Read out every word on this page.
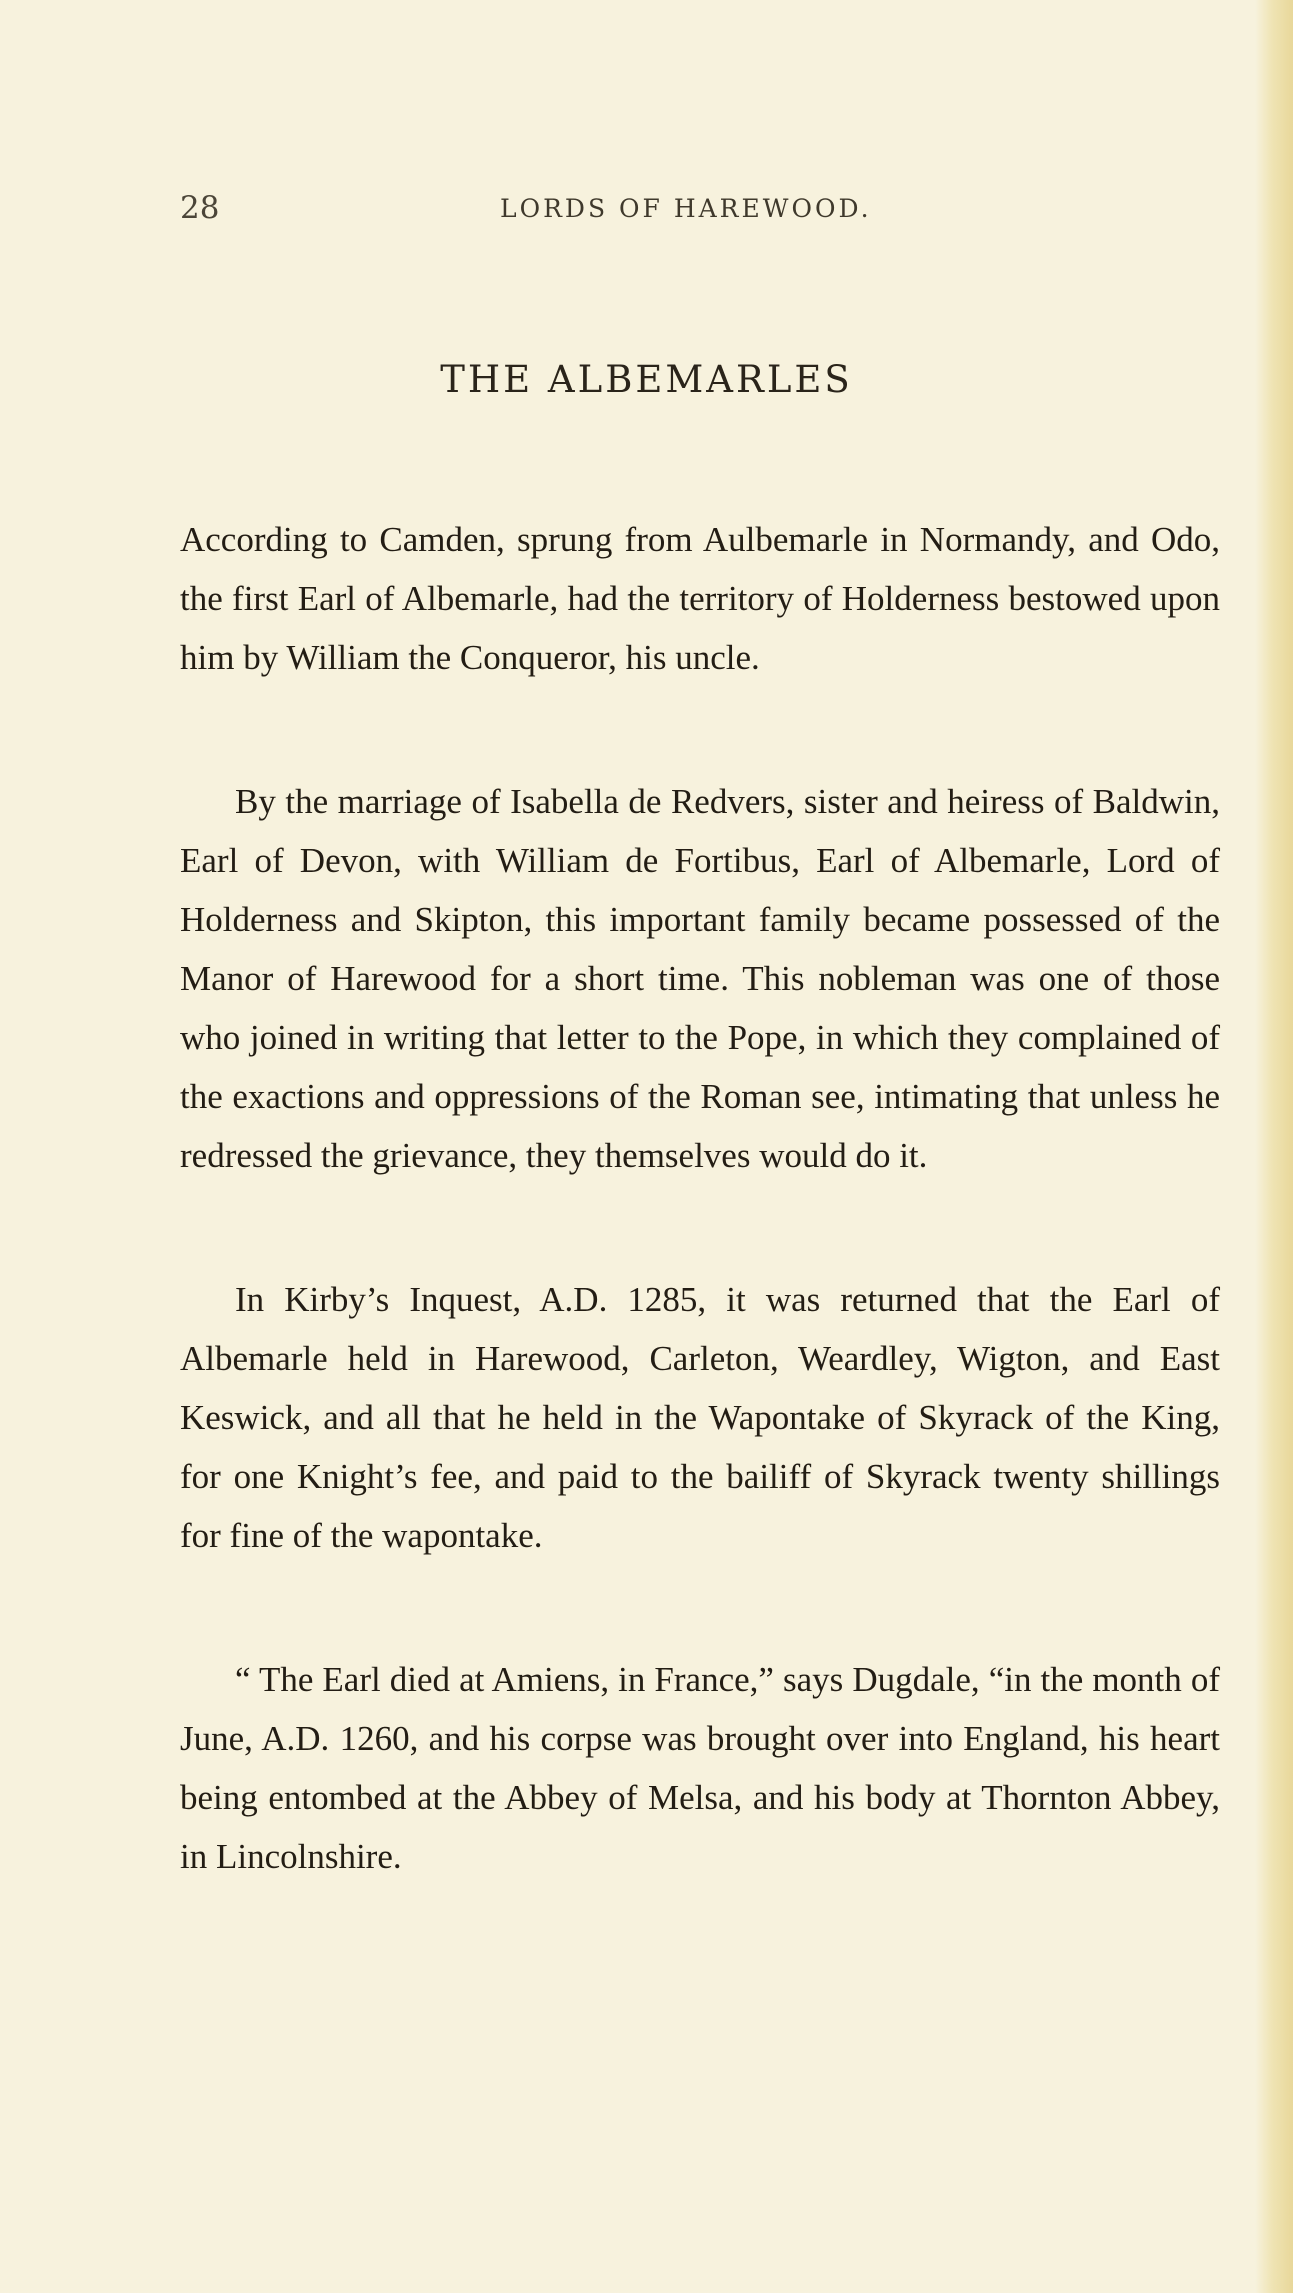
28	LORDS OF HAREWOOD.
THE ALBEMARLES

According to Camden, sprung from Aulbemarle in Normandy, and Odo, the first Earl of Albemarle, had the territory of Holderness bestowed upon him by William the Conqueror, his uncle.

By the marriage of Isabella de Redvers, sister and heiress of Baldwin, Earl of Devon, with William de Fortibus, Earl of Albemarle, Lord of Holderness and Skipton, this important family became possessed of the Manor of Harewood for a short time. This nobleman was one of those who joined in writing that letter to the Pope, in which they complained of the exactions and oppressions of the Roman see, intimating that unless he redressed the grievance, they themselves would do it.

In Kirby’s Inquest, A.D. 1285, it was returned that the Earl of Albemarle held in Harewood, Carleton, Weardley, Wigton, and East Keswick, and all that he held in the Wapontake of Skyrack of the King, for one Knight’s fee, and paid to the bailiff of Skyrack twenty shillings for fine of the wapontake.

“ The Earl died at Amiens, in France,” says Dugdale, “in the month of June, A.D. 1260, and his corpse was brought over into England, his heart being entombed at the Abbey of Melsa, and his body at Thornton Abbey, in Lincolnshire.
